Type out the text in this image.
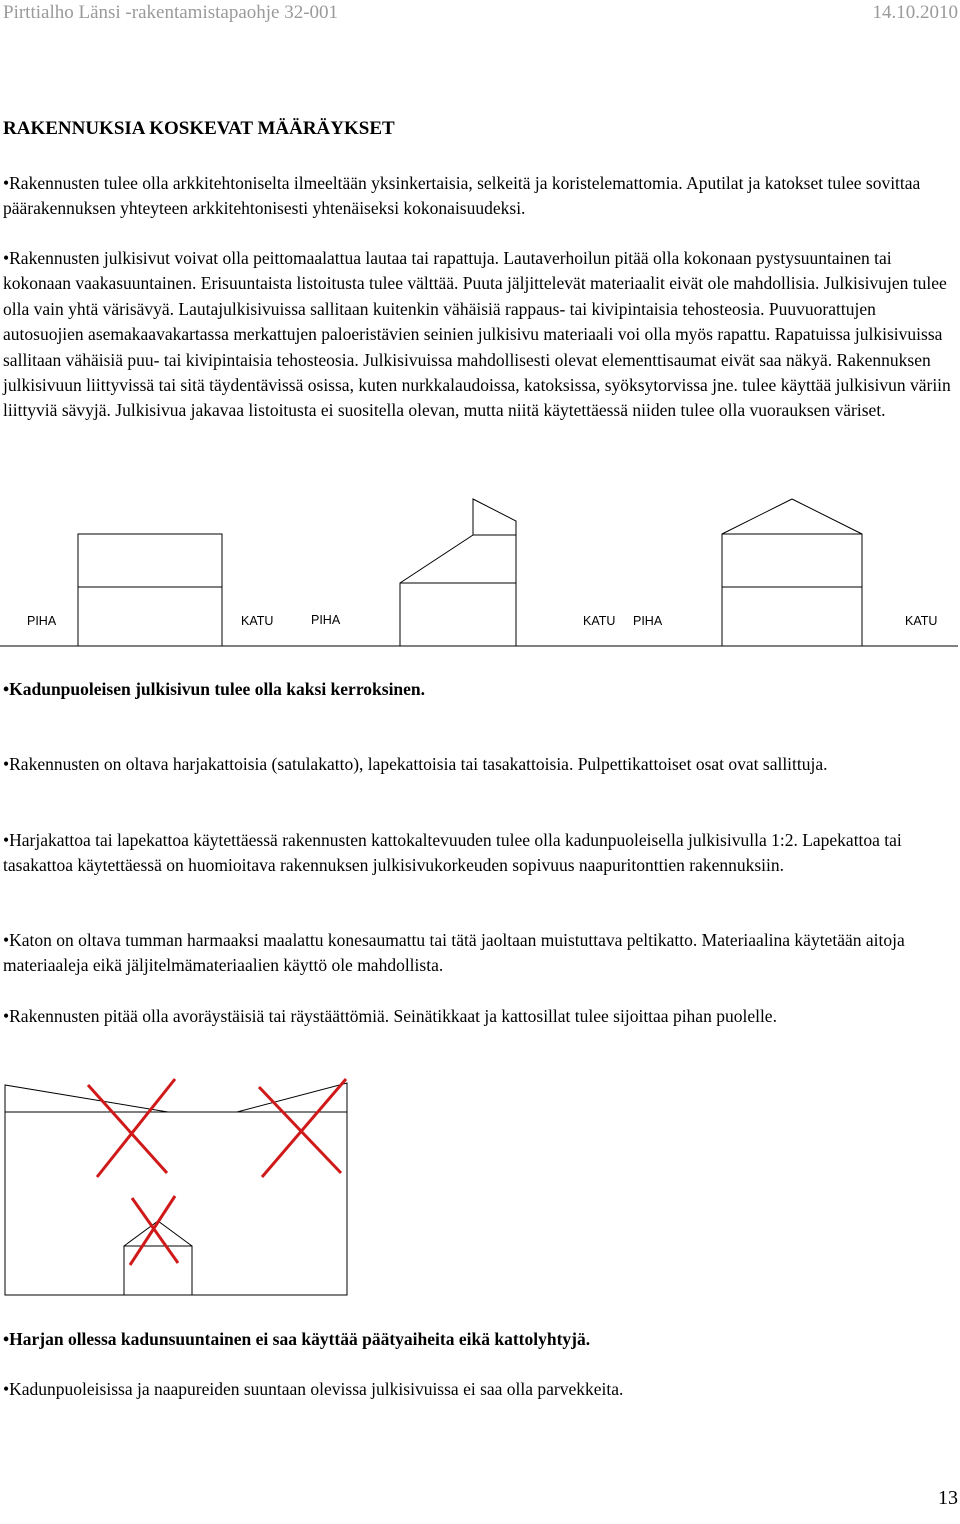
Pirttialho Länsi -rakentamistapaohje 32-001	14.10.2010
RAKENNUKSIA KOSKEVAT MÄÄRÄYKSET
•Rakennusten tulee olla arkkitehtoniselta ilmeeltään yksinkertaisia, selkeitä ja koristelemattomia. Aputilat ja katokset tulee sovittaa päärakennuksen yhteyteen arkkitehtonisesti yhtenäiseksi kokonaisuudeksi.
•Rakennusten julkisivut voivat olla peittomaalattua lautaa tai rapattuja. Lautaverhoilun pitää olla kokonaan pystysuuntainen tai kokonaan vaakasuuntainen. Erisuuntaista listoitusta tulee välttää. Puuta jäljittelevät materiaalit eivät ole mahdollisia. Julkisivujen tulee olla vain yhtä värisävyä. Lautajulkisivuissa sallitaan kuitenkin vähäisiä rappaus- tai kivipintaisia tehosteosia. Puuvuorattujen autosuojien asemakaavakartassa merkattujen paloeristävien seinien julkisivu materiaali voi olla myös rapattu. Rapatuissa julkisivuissa sallitaan vähäisiä puu- tai kivipintaisia tehosteosia. Julkisivuissa mahdollisesti olevat elementtisaumat eivät saa näkyä. Rakennuksen julkisivuun liittyvissä tai sitä täydentävissä osissa, kuten nurkkalaudoissa, katoksissa, syöksytorvissa jne. tulee käyttää julkisivun väriin liittyviä sävyjä. Julkisivua jakavaa listoitusta ei suositella olevan, mutta niitä käytettäessä niiden tulee olla vuorauksen väriset.
PIHA	KATU	PIHA	KATU PIHA	KATU
•Kadunpuoleisen julkisivun tulee olla kaksi kerroksinen.
•Rakennusten on oltava harjakattoisia (satulakatto), lapekattoisia tai tasakattoisia. Pulpettikattoiset osat ovat sallittuja.
•Harjakattoa tai lapekattoa käytettäessä rakennusten kattokaltevuuden tulee olla kadunpuoleisella julkisivulla 1:2. Lapekattoa tai tasakattoa käytettäessä on huomioitava rakennuksen julkisivukorkeuden sopivuus naapuritonttien rakennuksiin.
•Katon on oltava tumman harmaaksi maalattu konesaumattu tai tätä jaoltaan muistuttava peltikatto. Materiaalina käytetään aitoja materiaaleja eikä jäljitelmämateriaalien käyttö ole mahdollista.
•Rakennusten pitää olla avoräystäisiä tai räystäättömiä. Seinätikkaat ja kattosillat tulee sijoittaa pihan puolelle.
•Harjan ollessa kadunsuuntainen ei saa käyttää päätyaiheita eikä kattolyhtyjä.
•Kadunpuoleisissa ja naapureiden suuntaan olevissa julkisivuissa ei saa olla parvekkeita.
13
